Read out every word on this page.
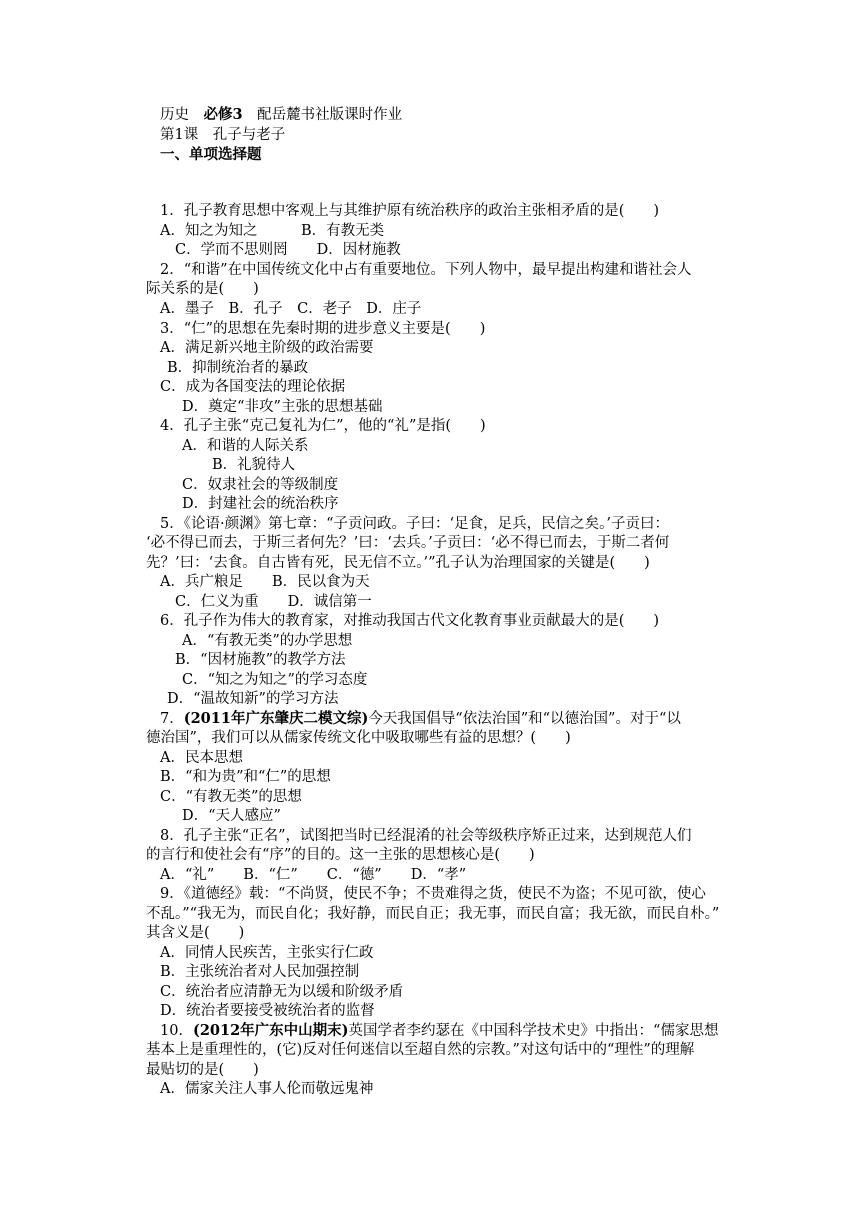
历史　 必修3　 配岳麓书社版课时作业
第1课　 孔子与老子
一、单项选择题
1．孔子教育思想中客观上与其维护原有统治秩序的政治主张相矛盾的是(　　)
A．知之为知之　　　B．有教无类
C．学而不思则罔　　D．因材施教
2．“和谐”在中国传统文化中占有重要地位。下列人物中，最早提出构建和谐社会人
际关系的是(　　)
A．墨子　B．孔子　C．老子　D．庄子
3．“仁”的思想在先秦时期的进步意义主要是(　　)
A．满足新兴地主阶级的政治需要
B．抑制统治者的暴政
C．成为各国变法的理论依据
D．奠定“非攻”主张的思想基础
4．孔子主张“克己复礼为仁”，他的“礼”是指(　　)
A．和谐的人际关系
B．礼貌待人
C．奴隶社会的等级制度
D．封建社会的统治秩序
5．《论语·颜渊》第七章：“子贡问政。子曰：‘足食，足兵，民信之矣。’子贡曰：
‘必不得已而去，于斯三者何先？’曰：‘去兵。’子贡曰：‘必不得已而去，于斯二者何
先？’曰：‘去食。自古皆有死，民无信不立。’”孔子认为治理国家的关键是(　　)
A．兵广粮足　　B．民以食为天
C．仁义为重　　D．诚信第一
6．孔子作为伟大的教育家，对推动我国古代文化教育事业贡献最大的是(　　)
A．“有教无类”的办学思想
B．“因材施教”的教学方法
C．“知之为知之”的学习态度
D．“温故知新”的学习方法
7．(2011年广东肇庆二模文综)今天我国倡导“依法治国”和“以德治国”。对于“以
德治国”，我们可以从儒家传统文化中吸取哪些有益的思想？(　　)
A．民本思想
B．“和为贵”和“仁”的思想
C．“有教无类”的思想
D．“天人感应”
8．孔子主张“正名”，试图把当时已经混淆的社会等级秩序矫正过来，达到规范人们
的言行和使社会有“序”的目的。这一主张的思想核心是(　　)
A．“礼”　　B．“仁”　　C．“德”　　D．“孝”
9．《道德经》载：“不尚贤，使民不争；不贵难得之货，使民不为盗；不见可欲，使心
不乱。”“我无为，而民自化；我好静，而民自正；我无事，而民自富；我无欲，而民自朴。”
其含义是(　　)
A．同情人民疾苦，主张实行仁政
B．主张统治者对人民加强控制
C．统治者应清静无为以缓和阶级矛盾
D．统治者要接受被统治者的监督
10．(2012年广东中山期末)英国学者李约瑟在《中国科学技术史》中指出：“儒家思想
基本上是重理性的，(它)反对任何迷信以至超自然的宗教。”对这句话中的“理性”的理解
最贴切的是(　　)
A．儒家关注人事人伦而敬远鬼神
